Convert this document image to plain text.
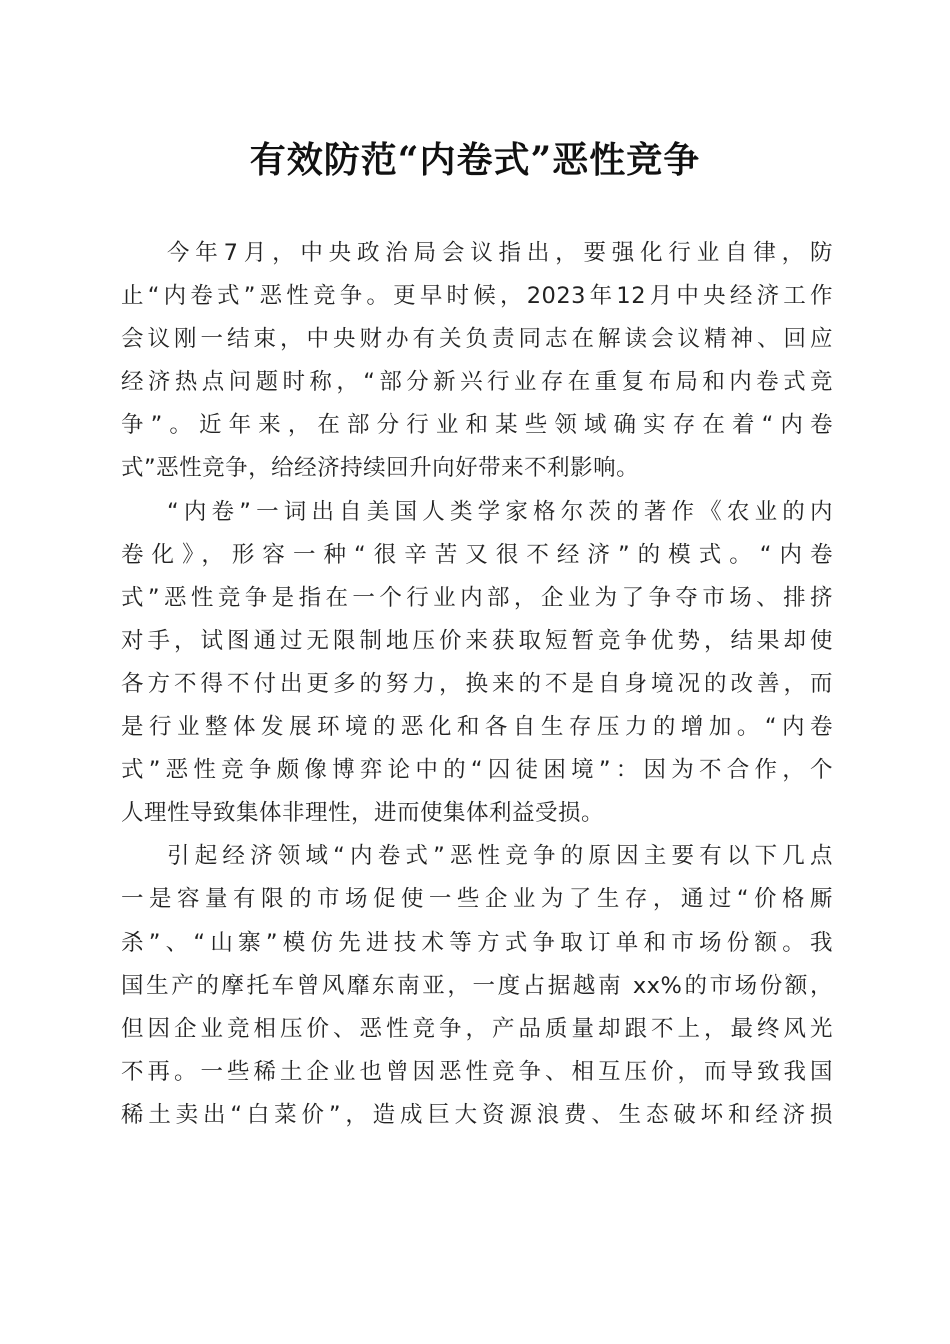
有效防范“内卷式”恶性竞争
今年7月，中央政治局会议指出，要强化行业自律，防
止“内卷式”恶性竞争。更早时候，2023年12月中央经济工作
会议刚一结束，中央财办有关负责同志在解读会议精神、回应
经济热点问题时称，“部分新兴行业存在重复布局和内卷式竞
争”。近年来，在部分行业和某些领域确实存在着“内卷
式”恶性竞争，给经济持续回升向好带来不利影响。
“内卷”一词出自美国人类学家格尔茨的著作《农业的内
卷化》，形容一种“很辛苦又很不经济”的模式。“内卷
式”恶性竞争是指在一个行业内部，企业为了争夺市场、排挤
对手，试图通过无限制地压价来获取短暂竞争优势，结果却使
各方不得不付出更多的努力，换来的不是自身境况的改善，而
是行业整体发展环境的恶化和各自生存压力的增加。“内卷
式”恶性竞争颇像博弈论中的“囚徒困境”：因为不合作，个
人理性导致集体非理性，进而使集体利益受损。
引起经济领域“内卷式”恶性竞争的原因主要有以下几点
一是容量有限的市场促使一些企业为了生存，通过“价格厮
杀”、“山寨”模仿先进技术等方式争取订单和市场份额。我
国生产的摩托车曾风靡东南亚，一度占据越南 xx%的市场份额，
但因企业竞相压价、恶性竞争，产品质量却跟不上，最终风光
不再。一些稀土企业也曾因恶性竞争、相互压价，而导致我国
稀土卖出“白菜价”，造成巨大资源浪费、生态破坏和经济损
